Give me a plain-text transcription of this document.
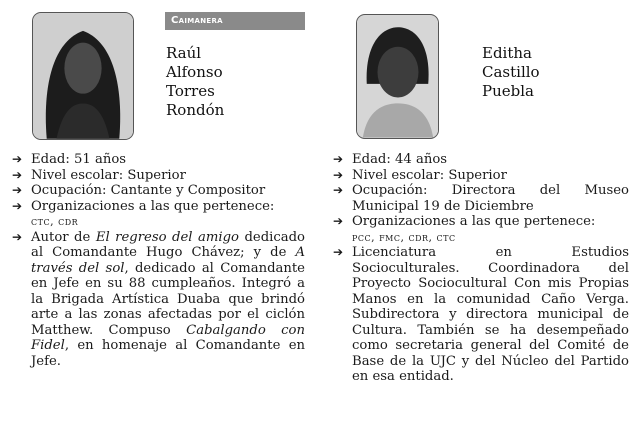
Caimanera
Raúl
Alfonso
Torres
Rondón
Editha
Castillo
Puebla
➔ Edad: 51 años
➔ Nivel escolar: Superior
➔ Ocupación: Cantante y Compositor
➔ Organizaciones a las que pertenece:
ctc, cdr
➔ Autor de El regreso del amigo dedicado al Comandante Hugo Chávez; y de A través del sol, dedicado al Comandante en Jefe en su 88 cumpleaños. Integró a la Brigada Artística Duaba que brindó arte a las zonas afectadas por el ciclón Matthew. Compuso Cabalgando con Fidel, en homenaje al Comandante en Jefe.
➔ Edad: 44 años
➔ Nivel escolar: Superior
➔ Ocupación: Directora del Museo Municipal 19 de Diciembre
➔ Organizaciones a las que pertenece:
pcc, fmc, cdr, ctc
➔ Licenciatura en Estudios Socioculturales. Coordinadora del Proyecto Sociocultural Con mis Propias Manos en la comunidad Caño Verga. Subdirectora y directora municipal de Cultura. También se ha desempeñado como secretaria general del Comité de Base de la UJC y del Núcleo del Partido en esa entidad.
